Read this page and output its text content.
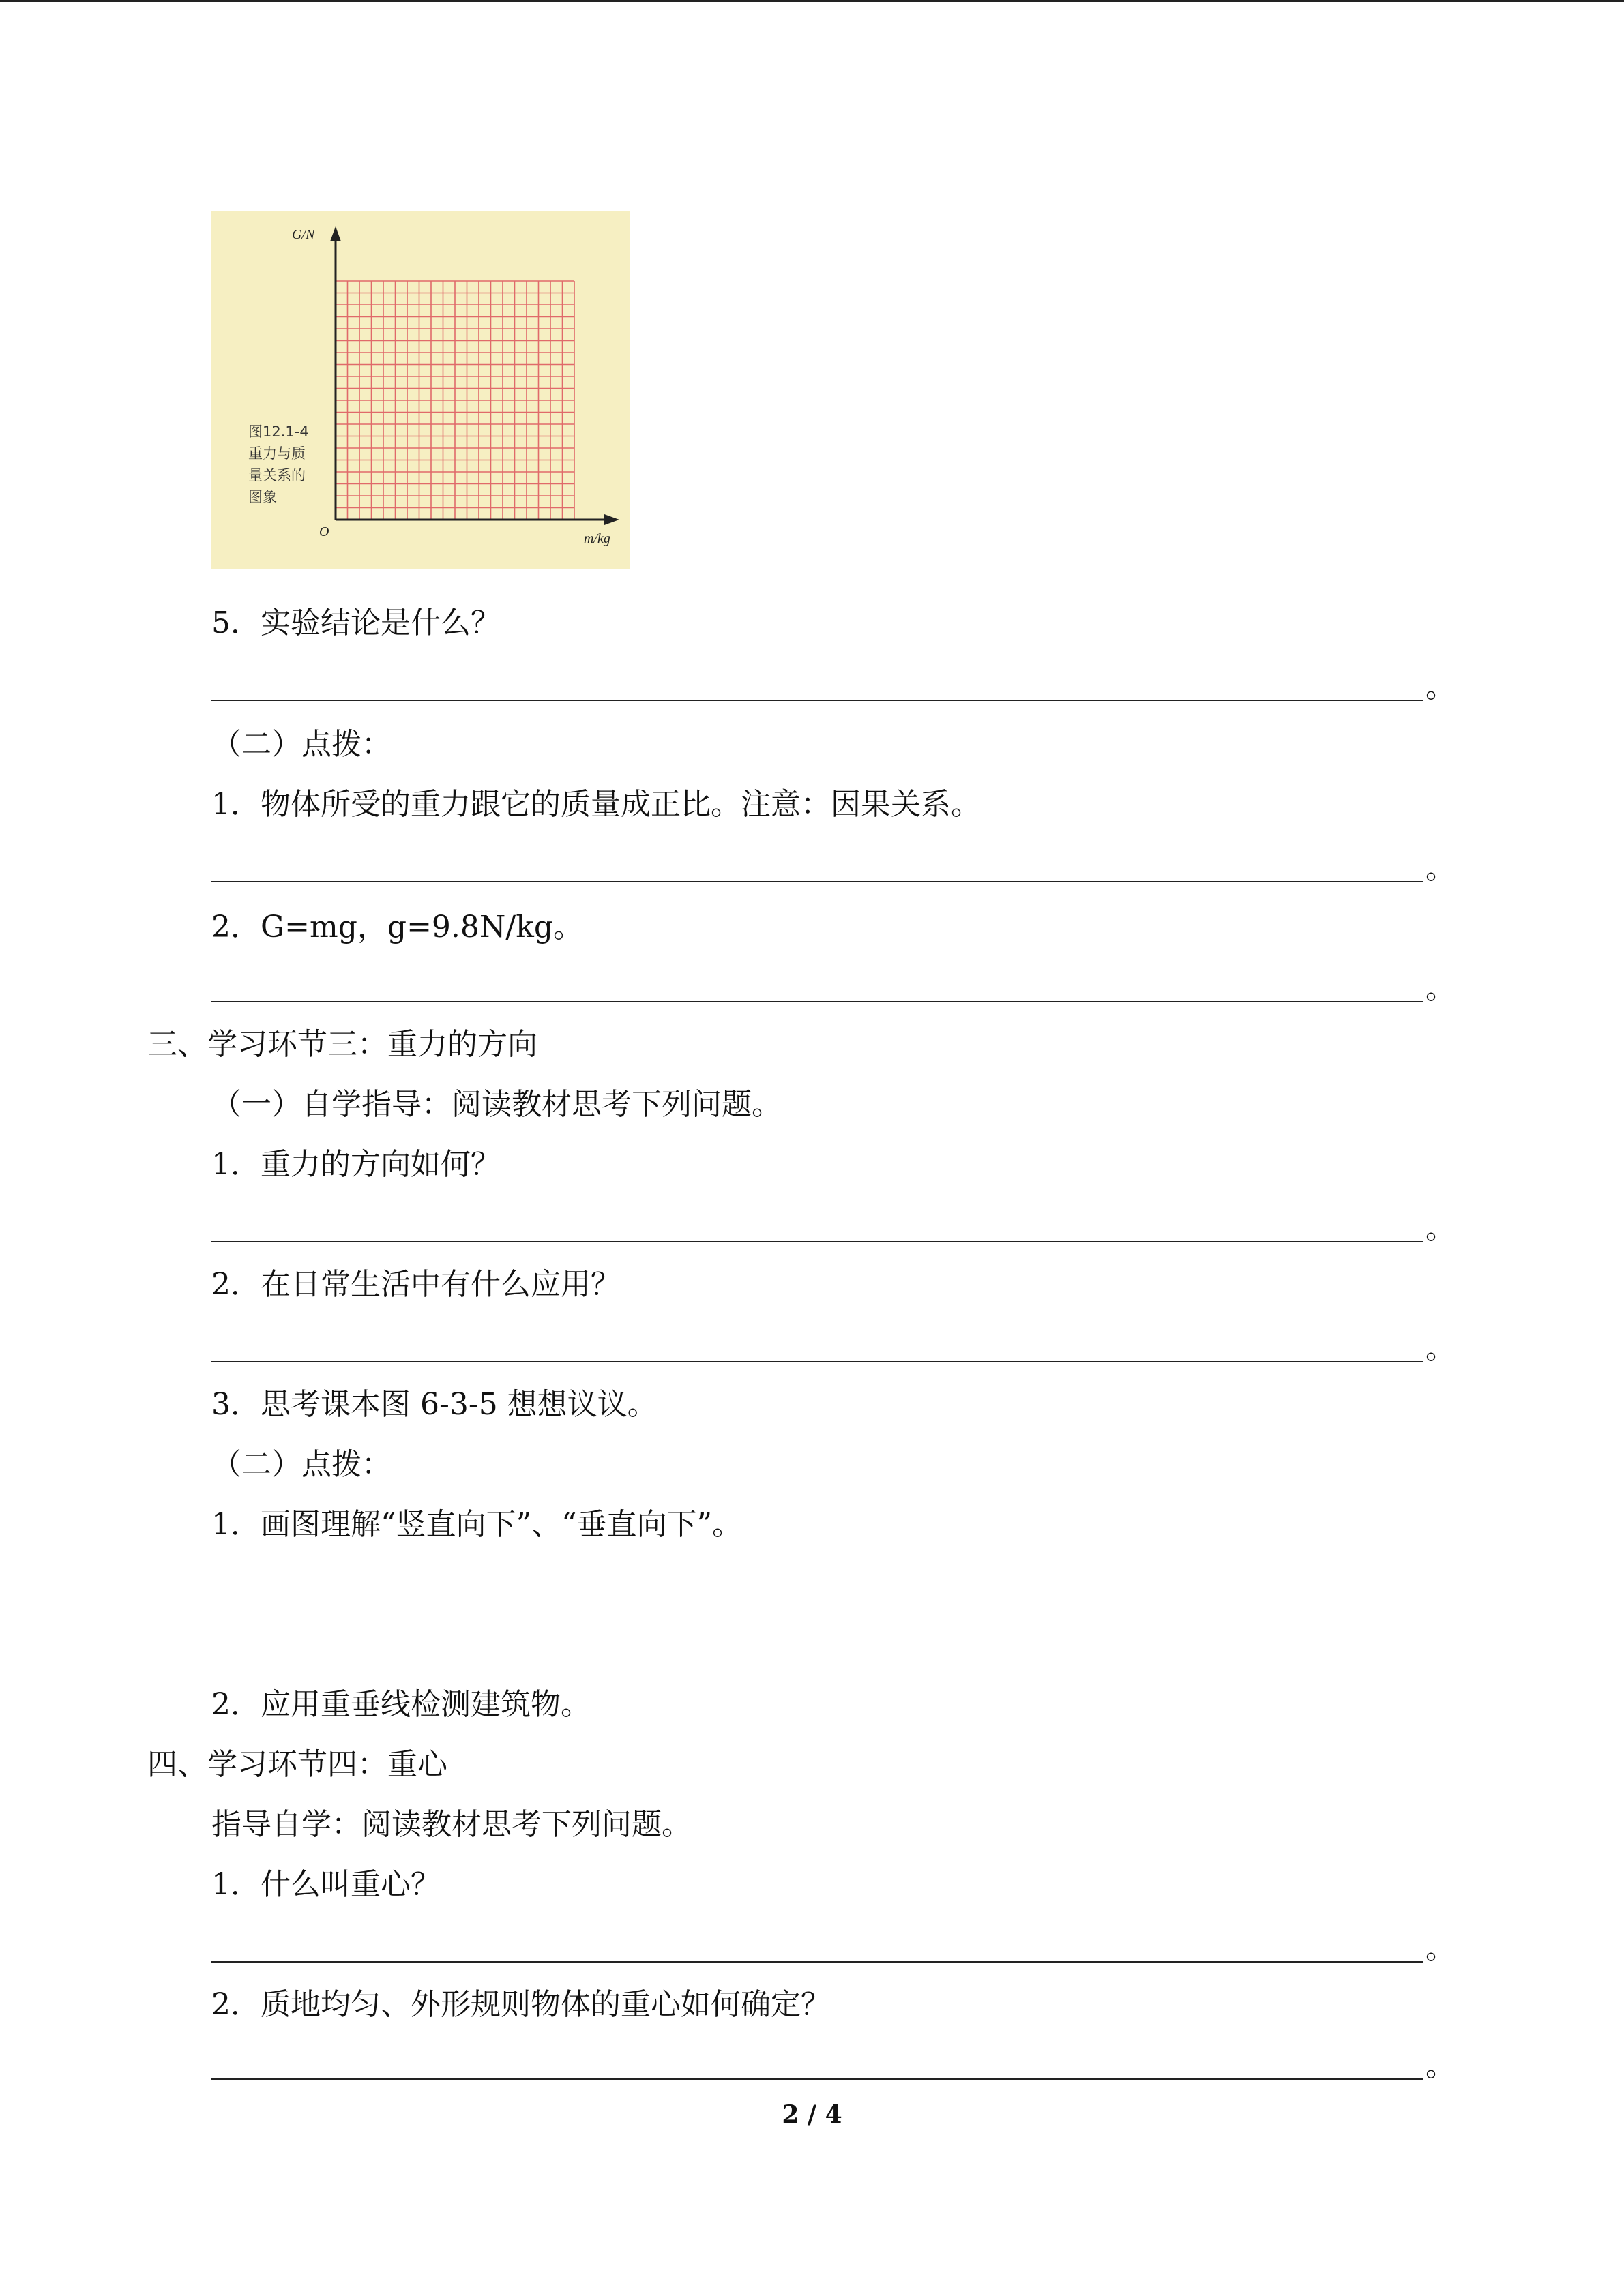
G/N
m/kg
O
图12.1-4
重力与质
量关系的
图象
5．实验结论是什么？
。
（二）点拨：
1．物体所受的重力跟它的质量成正比。注意：因果关系。
。
2．G=mg，g=9.8N/kg。
。
三、学习环节三：重力的方向
（一）自学指导：阅读教材思考下列问题。
1．重力的方向如何？
。
2．在日常生活中有什么应用？
。
3．思考课本图 6-3-5 想想议议。
（二）点拨：
1．画图理解“竖直向下”、“垂直向下”。
2．应用重垂线检测建筑物。
四、学习环节四：重心
指导自学：阅读教材思考下列问题。
1．什么叫重心？
。
2．质地均匀、外形规则物体的重心如何确定？
。
2 / 4
